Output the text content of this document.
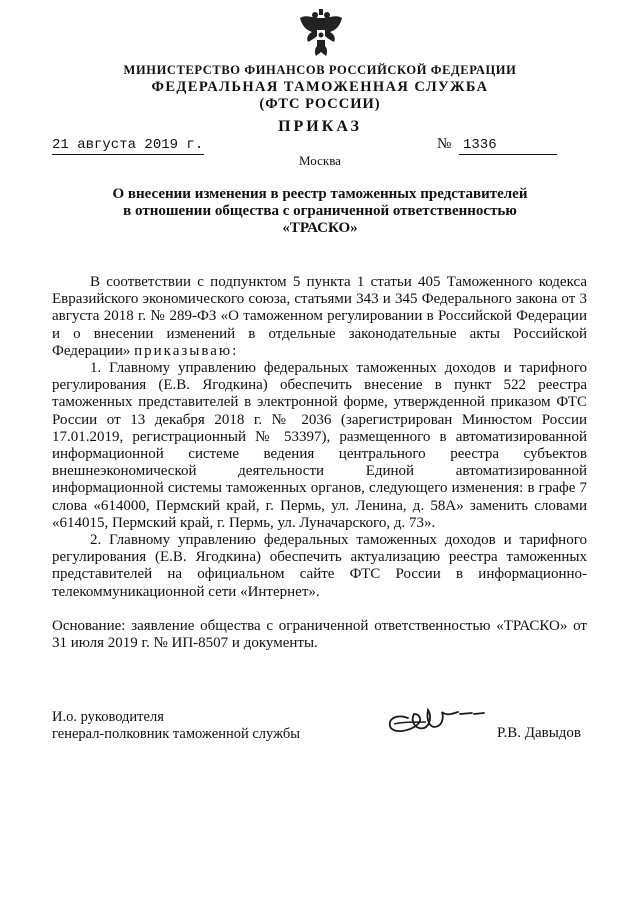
МИНИСТЕРСТВО ФИНАНСОВ РОССИЙСКОЙ ФЕДЕРАЦИИ
ФЕДЕРАЛЬНАЯ ТАМОЖЕННАЯ СЛУЖБА
(ФТС РОССИИ)
ПРИКАЗ
21 августа 2019 г.	№ 1336
Москва
О внесении изменения в реестр таможенных представителей
в отношении общества с ограниченной ответственностью
«ТРАСКО»

В соответствии с подпунктом 5 пункта 1 статьи 405 Таможенного кодекса Евразийского экономического союза, статьями 343 и 345 Федерального закона от 3 августа 2018 г. № 289-ФЗ «О таможенном регулировании в Российской Федерации и о внесении изменений в отдельные законодательные акты Российской Федерации» приказываю:

1. Главному управлению федеральных таможенных доходов и тарифного регулирования (Е.В. Ягодкина) обеспечить внесение в пункт 522 реестра таможенных представителей в электронной форме, утвержденной приказом ФТС России от 13 декабря 2018 г. № 2036 (зарегистрирован Минюстом России 17.01.2019, регистрационный № 53397), размещенного в автоматизированной информационной системе ведения центрального реестра субъектов внешнеэкономической деятельности Единой автоматизированной информационной системы таможенных органов, следующего изменения: в графе 7 слова «614000, Пермский край, г. Пермь, ул. Ленина, д. 58А» заменить словами «614015, Пермский край, г. Пермь, ул. Луначарского, д. 73».

2. Главному управлению федеральных таможенных доходов и тарифного регулирования (Е.В. Ягодкина) обеспечить актуализацию реестра таможенных представителей на официальном сайте ФТС России в информационно-телекоммуникационной сети «Интернет».

Основание: заявление общества с ограниченной ответственностью «ТРАСКО» от 31 июля 2019 г. № ИП-8507 и документы.

И.о. руководителя
генерал-полковник таможенной службы	Р.В. Давыдов
